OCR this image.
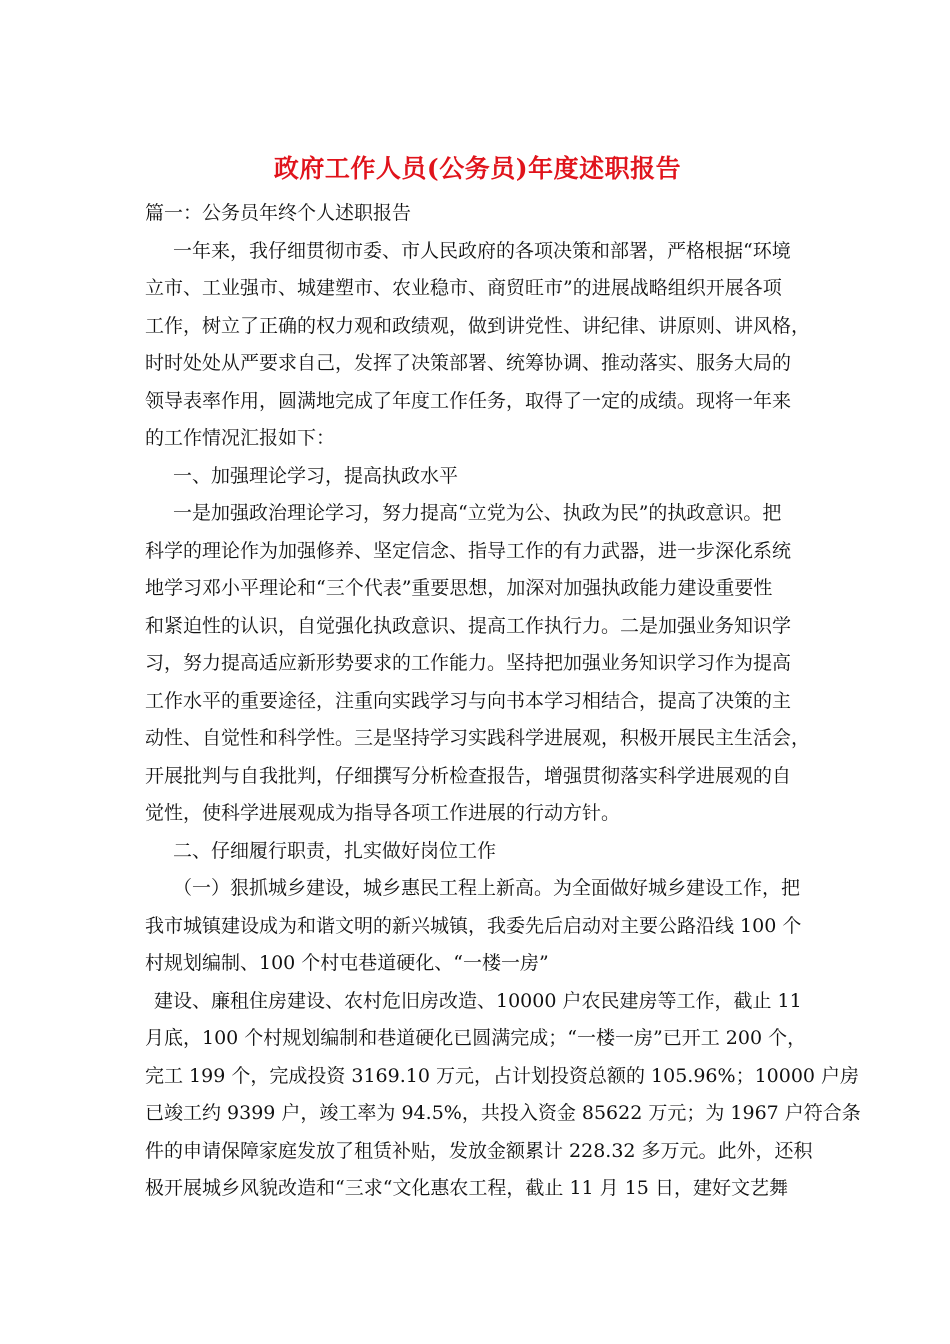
政府工作人员(公务员)年度述职报告
篇一：公务员年终个人述职报告
一年来，我仔细贯彻市委、市人民政府的各项决策和部署，严格根据“环境
立市、工业强市、城建塑市、农业稳市、商贸旺市”的进展战略组织开展各项
工作，树立了正确的权力观和政绩观，做到讲党性、讲纪律、讲原则、讲风格，
时时处处从严要求自己，发挥了决策部署、统筹协调、推动落实、服务大局的
领导表率作用，圆满地完成了年度工作任务，取得了一定的成绩。现将一年来
的工作情况汇报如下：
一、加强理论学习，提高执政水平
一是加强政治理论学习，努力提高“立党为公、执政为民”的执政意识。把
科学的理论作为加强修养、坚定信念、指导工作的有力武器，进一步深化系统
地学习邓小平理论和“三个代表”重要思想，加深对加强执政能力建设重要性
和紧迫性的认识，自觉强化执政意识、提高工作执行力。二是加强业务知识学
习，努力提高适应新形势要求的工作能力。坚持把加强业务知识学习作为提高
工作水平的重要途径，注重向实践学习与向书本学习相结合，提高了决策的主
动性、自觉性和科学性。三是坚持学习实践科学进展观，积极开展民主生活会，
开展批判与自我批判，仔细撰写分析检查报告，增强贯彻落实科学进展观的自
觉性，使科学进展观成为指导各项工作进展的行动方针。
二、仔细履行职责，扎实做好岗位工作
（一）狠抓城乡建设，城乡惠民工程上新高。为全面做好城乡建设工作，把
我市城镇建设成为和谐文明的新兴城镇，我委先后启动对主要公路沿线 100 个
村规划编制、100 个村屯巷道硬化、“一楼一房”
建设、廉租住房建设、农村危旧房改造、10000 户农民建房等工作，截止 11
月底，100 个村规划编制和巷道硬化已圆满完成；“一楼一房”已开工 200 个，
完工 199 个，完成投资 3169.10 万元，占计划投资总额的 105.96%；10000 户房
已竣工约 9399 户，竣工率为 94.5%，共投入资金 85622 万元；为 1967 户符合条
件的申请保障家庭发放了租赁补贴，发放金额累计 228.32 多万元。此外，还积
极开展城乡风貌改造和“三求“文化惠农工程，截止 11 月 15 日，建好文艺舞
